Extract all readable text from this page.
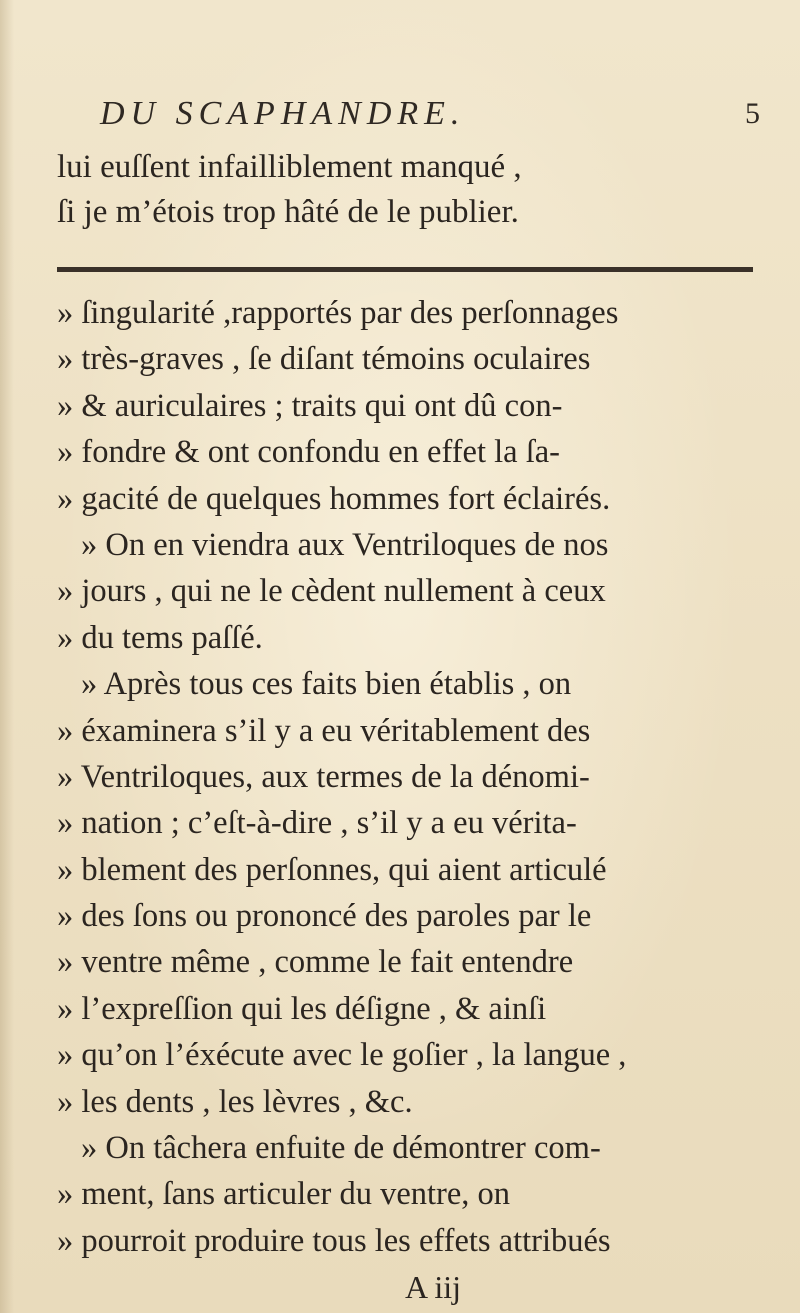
DU SCAPHANDRE.	5
lui euſſent infailliblement manqué ,
ſi je m’étois trop hâté de le publier.
» ſingularité ,rapportés par des perſonnages
» très-graves , ſe diſant témoins oculaires
» & auriculaires ; traits qui ont dû con-
» fondre & ont confondu en effet la ſa-
» gacité de quelques hommes fort éclairés.
» On en viendra aux Ventriloques de nos
» jours , qui ne le cèdent nullement à ceux
» du tems paſſé.
» Après tous ces faits bien établis , on
» éxaminera s’il y a eu véritablement des
» Ventriloques, aux termes de la dénomi-
» nation ; c’eſt-à-dire , s’il y a eu vérita-
» blement des perſonnes, qui aient articulé
» des ſons ou prononcé des paroles par le
» ventre même , comme le fait entendre
» l’expreſſion qui les déſigne , & ainſi
» qu’on l’éxécute avec le goſier , la langue ,
» les dents , les lèvres , &c.
» On tâchera enfuite de démontrer com-
» ment, ſans articuler du ventre, on
» pourroit produire tous les effets attribués
A iij
